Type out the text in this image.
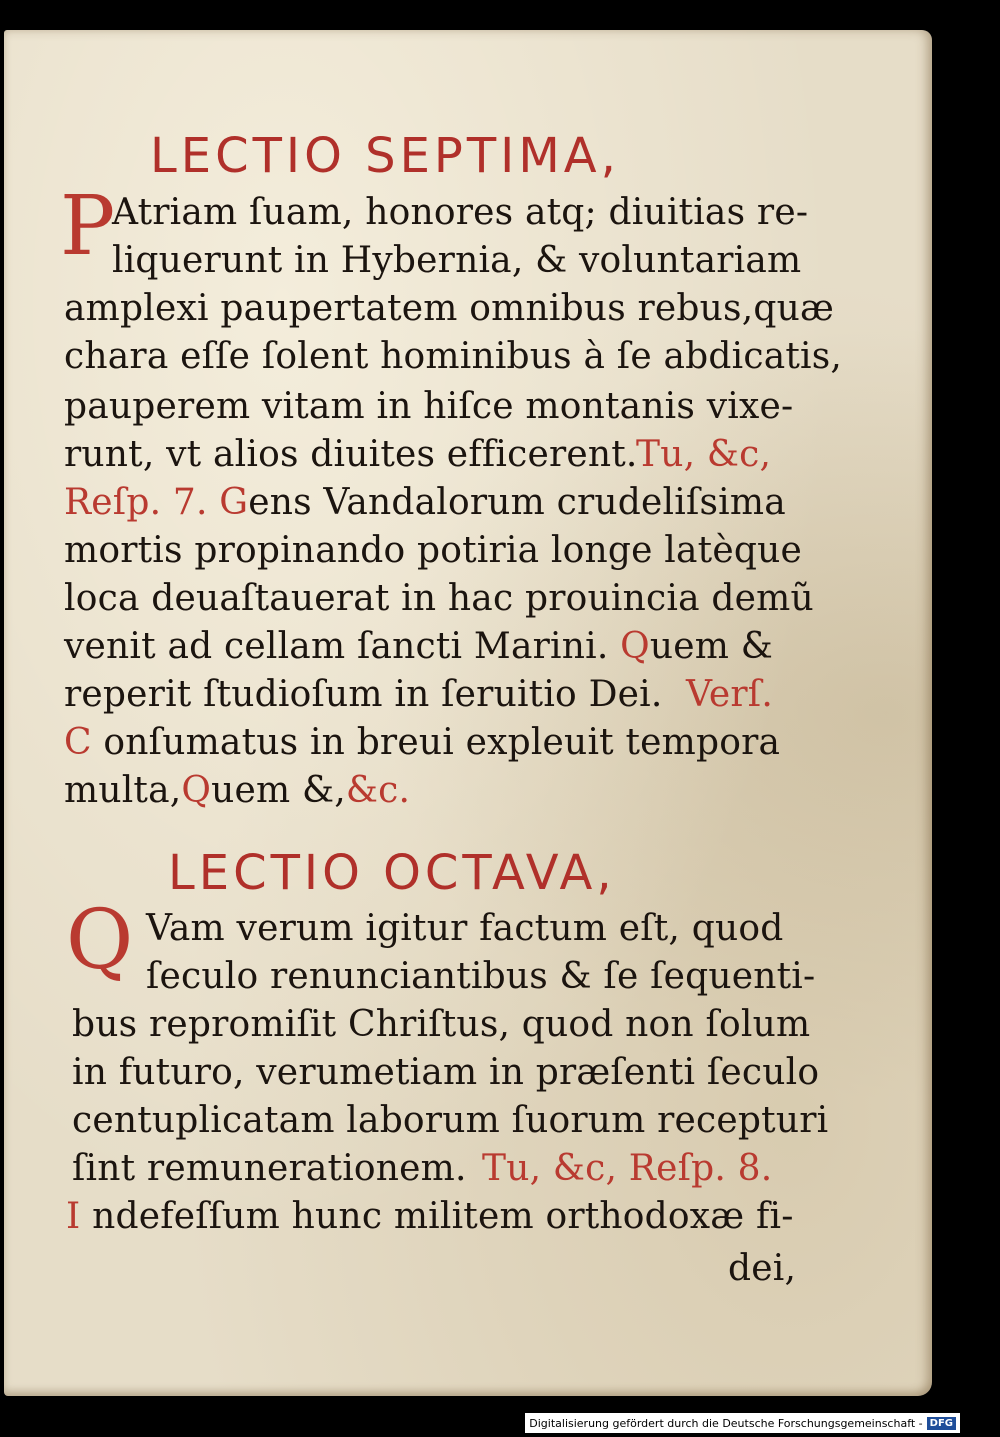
LECTIO SEPTIMA,
P
Atriam ſuam, honores atq; diuitias re-
liquerunt in Hybernia, & voluntariam
amplexi paupertatem omnibus rebus,quæ
chara eſſe ſolent hominibus à ſe abdicatis,
pauperem vitam in hiſce montanis vixe-
runt, vt alios diuites efficerent.
Tu, &c,
Reſp. 7. Gens Vandalorum crudeliſsima
mortis propinando potiria longe latèque
loca deuaſtauerat in hac prouincia demũ
venit ad cellam ſancti Marini. Quem &
reperit ſtudioſum in ſeruitio Dei. Verſ.
C onſumatus in breui expleuit tempora
multa,Quem &,&c.
LECTIO OCTAVA,
Q Vam verum igitur factum eſt, quod
ſeculo renunciantibus & ſe ſequenti-
bus repromiſit Chriſtus, quod non ſolum
in futuro, verumetiam in præſenti ſeculo
centuplicatam laborum ſuorum recepturi
ſint remunerationem. Tu, &c, Reſp. 8.
I ndefeſſum hunc militem orthodoxæ fi-
dei,
Digitalisierung gefördert durch die Deutsche Forschungsgemeinschaft - DFG
